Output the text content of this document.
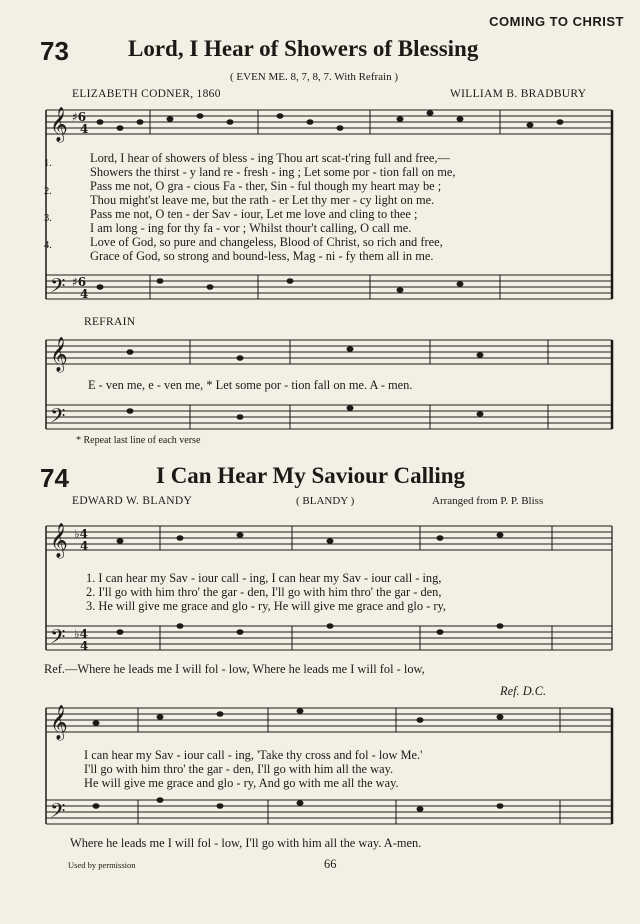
COMING TO CHRIST
73	Lord, I Hear of Showers of Blessing
( EVEN ME. 8, 7, 8, 7. With Refrain )
ELIZABETH CODNER, 1860	WILLIAM B. BRADBURY
𝄞
𝄢
𝄞
𝄢
𝄞
𝄢
𝄞
𝄢
♯6
4
♯6
4
♭4
4
♭4
4
1.
2.
3.
4.
Lord, I hear of showers of bless - ing Thou art scat-t'ring full and free,—
Showers the thirst - y land re - fresh - ing ; Let some por - tion fall on me,
Pass me not, O gra - cious Fa - ther, Sin - ful though my heart may be ;
Thou might'st leave me, but the rath - er Let thy mer - cy light on me.
Pass me not, O ten - der Sav - iour, Let me love and cling to thee ;
I am long - ing for thy fa - vor ; Whilst thour't calling, O call me.
Love of God, so pure and changeless, Blood of Christ, so rich and free,
Grace of God, so strong and bound-less, Mag - ni - fy them all in me.
REFRAIN
E - ven me, e - ven me, * Let some por - tion fall on me. A - men.
* Repeat last line of each verse
74	I Can Hear My Saviour Calling
EDWARD W. BLANDY	( BLANDY )	Arranged from P. P. Bliss
1. I can hear my Sav - iour call - ing, I can hear my Sav - iour call - ing,
2. I'll go with him thro' the gar - den, I'll go with him thro' the gar - den,
3. He will give me grace and glo - ry, He will give me grace and glo - ry,
Ref.—Where he leads me I will fol - low, Where he leads me I will fol - low,
Ref. D.C.
I can hear my Sav - iour call - ing, 'Take thy cross and fol - low Me.'
I'll go with him thro' the gar - den, I'll go with him all the way.
He will give me grace and glo - ry, And go with me all the way.
Where he leads me I will fol - low, I'll go with him all the way. A-men.
Used by permission	66
